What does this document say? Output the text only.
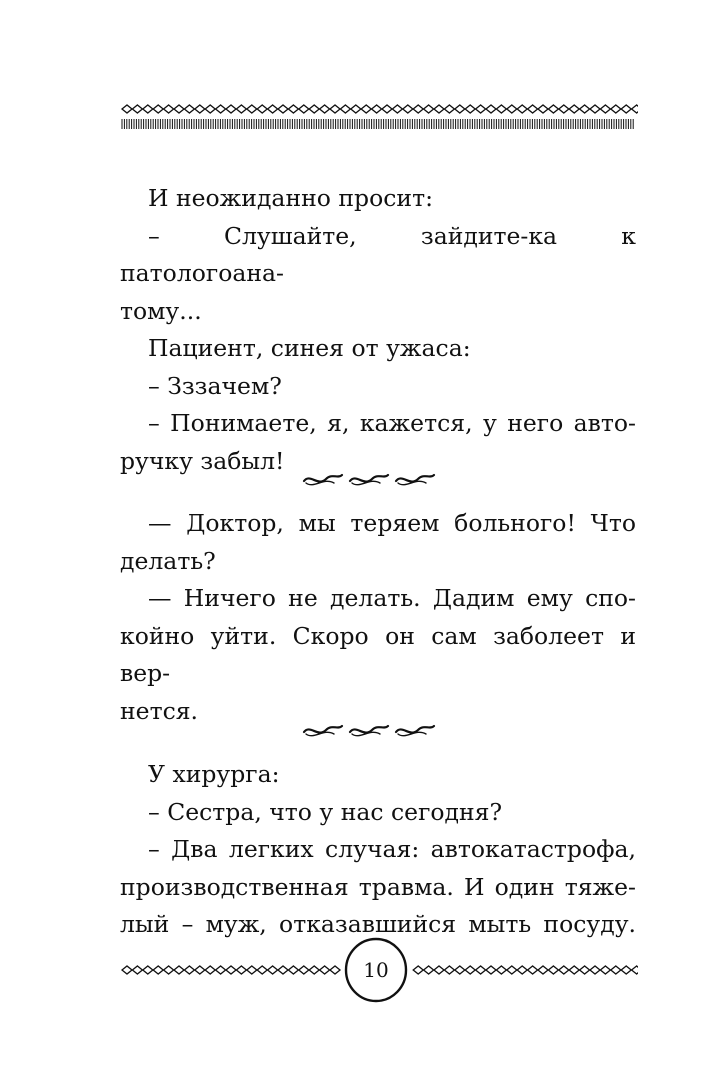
И неожиданно просит:
– Слушайте, зайдите-ка к патологоана-
тому...
Пациент, синея от ужаса:
– Зззачем?
– Понимаете, я, кажется, у него авто-
ручку забыл!
— Доктор, мы теряем больного! Что
делать?
— Ничего не делать. Дадим ему спо-
койно уйти. Скоро он сам заболеет и вер-
нется.
У хирурга:
– Сестра, что у нас сегодня?
– Два легких случая: автокатастрофа,
производственная травма. И один тяже-
лый – муж, отказавшийся мыть посуду.
10
